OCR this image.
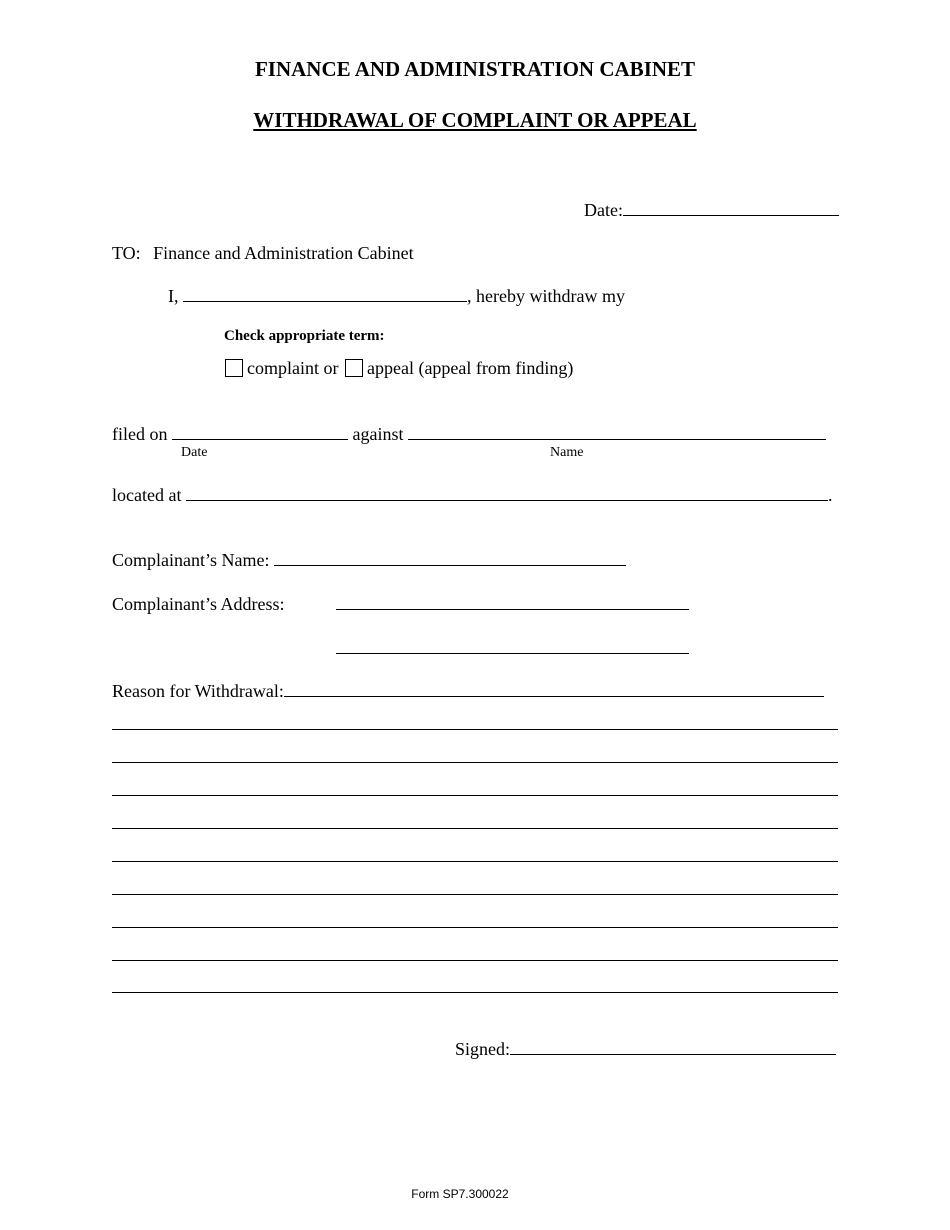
FINANCE AND ADMINISTRATION CABINET
WITHDRAWAL OF COMPLAINT OR APPEAL
Date:
TO: Finance and Administration Cabinet
I,	, hereby withdraw my
Check appropriate term:
complaint or appeal (appeal from finding)
filed on	against
Date	Name
located at	.
Complainant’s Name:
Complainant’s Address:
Reason for Withdrawal:
Signed:
Form SP7.300022
